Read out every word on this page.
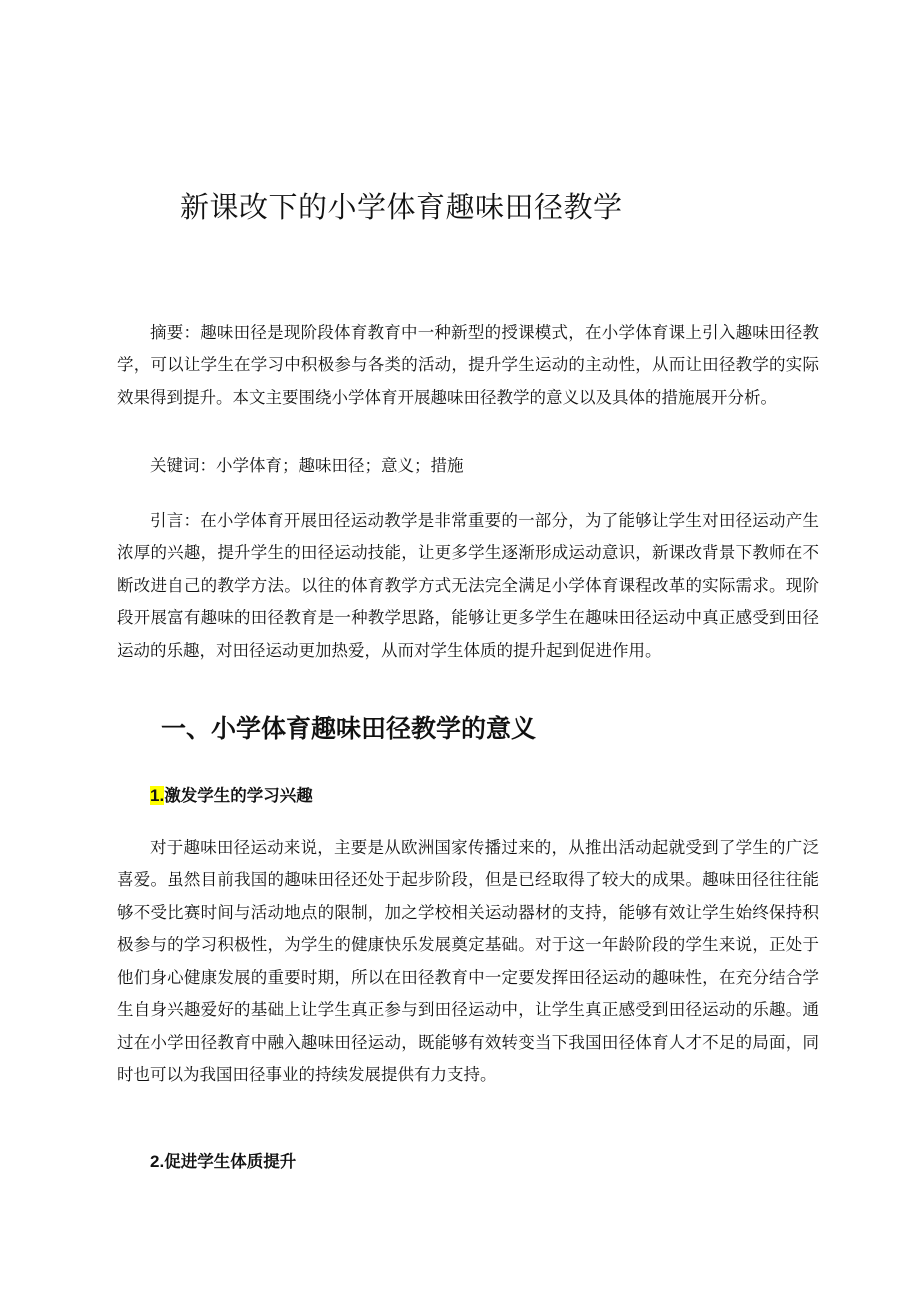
新课改下的小学体育趣味田径教学

摘要：趣味田径是现阶段体育教育中一种新型的授课模式，在小学体育课上引入趣味田径教学，可以让学生在学习中积极参与各类的活动，提升学生运动的主动性，从而让田径教学的实际效果得到提升。本文主要围绕小学体育开展趣味田径教学的意义以及具体的措施展开分析。

关键词：小学体育；趣味田径；意义；措施

引言：在小学体育开展田径运动教学是非常重要的一部分，为了能够让学生对田径运动产生浓厚的兴趣，提升学生的田径运动技能，让更多学生逐渐形成运动意识，新课改背景下教师在不断改进自己的教学方法。以往的体育教学方式无法完全满足小学体育课程改革的实际需求。现阶段开展富有趣味的田径教育是一种教学思路，能够让更多学生在趣味田径运动中真正感受到田径运动的乐趣，对田径运动更加热爱，从而对学生体质的提升起到促进作用。

一、小学体育趣味田径教学的意义
1.激发学生的学习兴趣

对于趣味田径运动来说，主要是从欧洲国家传播过来的，从推出活动起就受到了学生的广泛喜爱。虽然目前我国的趣味田径还处于起步阶段，但是已经取得了较大的成果。趣味田径往往能够不受比赛时间与活动地点的限制，加之学校相关运动器材的支持，能够有效让学生始终保持积极参与的学习积极性，为学生的健康快乐发展奠定基础。对于这一年龄阶段的学生来说，正处于他们身心健康发展的重要时期，所以在田径教育中一定要发挥田径运动的趣味性，在充分结合学生自身兴趣爱好的基础上让学生真正参与到田径运动中，让学生真正感受到田径运动的乐趣。通过在小学田径教育中融入趣味田径运动，既能够有效转变当下我国田径体育人才不足的局面，同时也可以为我国田径事业的持续发展提供有力支持。

2.促进学生体质提升
